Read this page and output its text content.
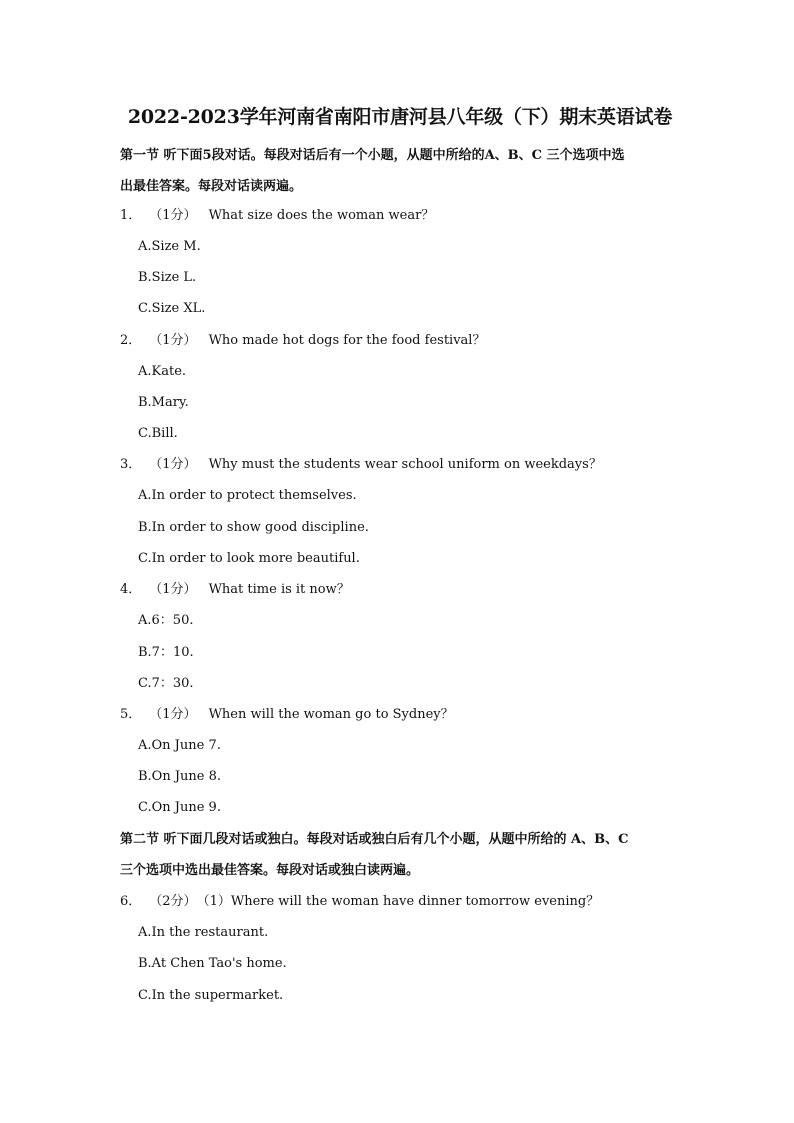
2022-2023学年河南省南阳市唐河县八年级（下）期末英语试卷
第一节 听下面5段对话。每段对话后有一个小题，从题中所给的A、B、C 三个选项中选
出最佳答案。每段对话读两遍。
1． （1分） What size does the woman wear？
A.Size M.
B.Size L.
C.Size XL.
2． （1分） Who made hot dogs for the food festival？
A.Kate.
B.Mary.
C.Bill.
3． （1分） Why must the students wear school uniform on weekdays？
A.In order to protect themselves.
B.In order to show good discipline.
C.In order to look more beautiful.
4． （1分） What time is it now？
A.6：50.
B.7：10.
C.7：30.
5． （1分） When will the woman go to Sydney？
A.On June 7.
B.On June 8.
C.On June 9.
第二节 听下面几段对话或独白。每段对话或独白后有几个小题，从题中所给的 A、B、C
三个选项中选出最佳答案。每段对话或独白读两遍。
6． （2分）（1）Where will the woman have dinner tomorrow evening？
A.In the restaurant.
B.At Chen Tao's home.
C.In the supermarket.
